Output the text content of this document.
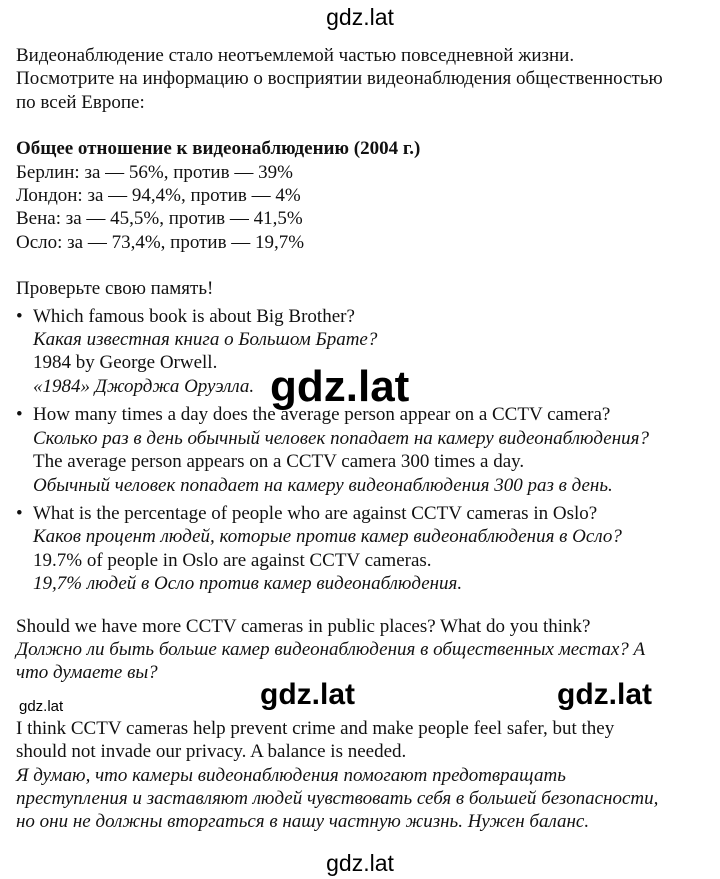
gdz.lat

Видеонаблюдение стало неотъемлемой частью повседневной жизни.

Посмотрите на информацию о восприятии видеонаблюдения общественностью

по всей Европе:

Общее отношение к видеонаблюдению (2004 г.)

Берлин: за — 56%, против — 39%

Лондон: за — 94,4%, против — 4%

Вена: за — 45,5%, против — 41,5%

Осло: за — 73,4%, против — 19,7%

Проверьте свою память!

• Which famous book is about Big Brother?

Какая известная книга о Большом Брате?

1984 by George Orwell.

«1984» Джорджа Оруэлла.

• How many times a day does the average person appear on a CCTV camera?

Сколько раз в день обычный человек попадает на камеру видеонаблюдения?

The average person appears on a CCTV camera 300 times a day.

Обычный человек попадает на камеру видеонаблюдения 300 раз в день.

• What is the percentage of people who are against CCTV cameras in Oslo?

Каков процент людей, которые против камер видеонаблюдения в Осло?

19.7% of people in Oslo are against CCTV cameras.

19,7% людей в Осло против камер видеонаблюдения.

Should we have more CCTV cameras in public places? What do you think?

Должно ли быть больше камер видеонаблюдения в общественных местах? А

что думаете вы?

I think CCTV cameras help prevent crime and make people feel safer, but they

should not invade our privacy. A balance is needed.

Я думаю, что камеры видеонаблюдения помогают предотвращать

преступления и заставляют людей чувствовать себя в большей безопасности,

но они не должны вторгаться в нашу частную жизнь. Нужен баланс.

gdz.lat
gdz.lat	gdz.lat
gdz.lat
gdz.lat
